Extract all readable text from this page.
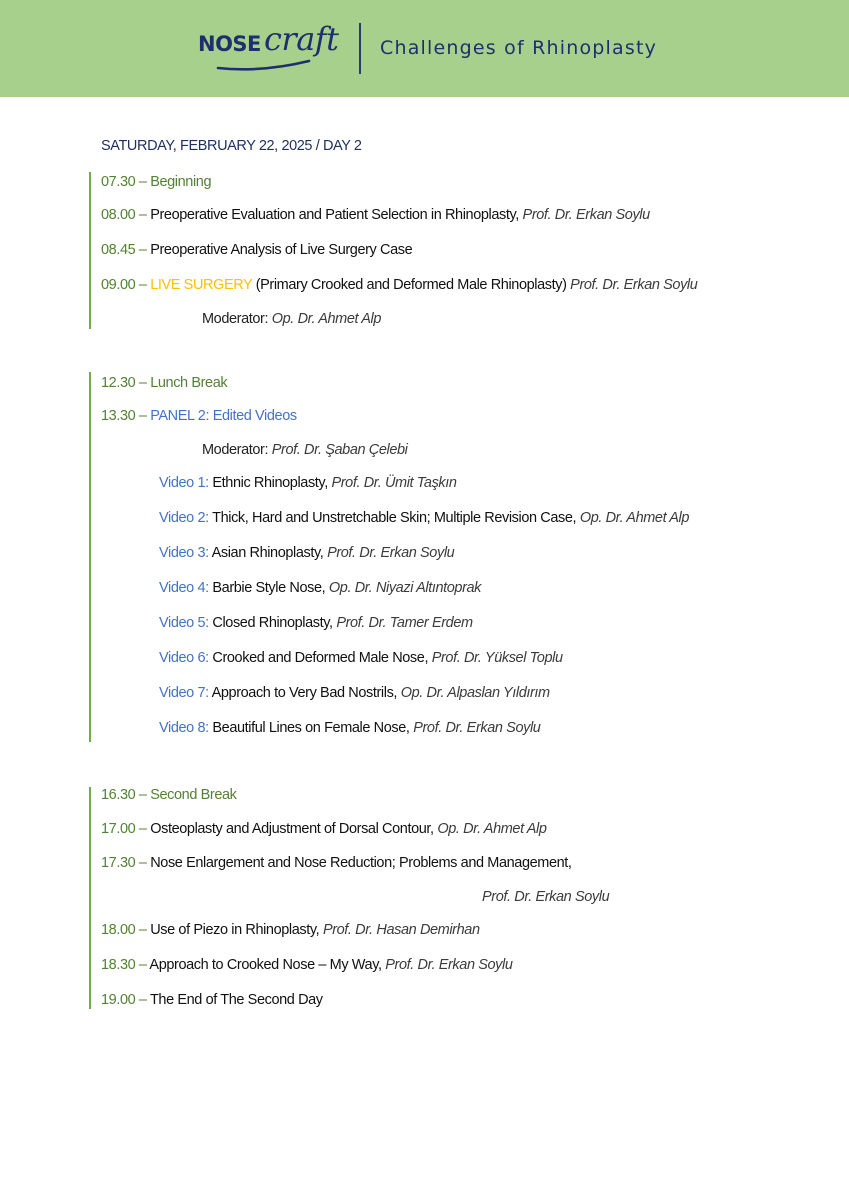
NOSE craft Challenges of Rhinoplasty
SATURDAY, FEBRUARY 22, 2025 / DAY 2
07.30 – Beginning
08.00 – Preoperative Evaluation and Patient Selection in Rhinoplasty, Prof. Dr. Erkan Soylu
08.45 – Preoperative Analysis of Live Surgery Case
09.00 – LIVE SURGERY (Primary Crooked and Deformed Male Rhinoplasty) Prof. Dr. Erkan Soylu
Moderator: Op. Dr. Ahmet Alp
12.30 – Lunch Break
13.30 – PANEL 2: Edited Videos
Moderator: Prof. Dr. Şaban Çelebi
Video 1: Ethnic Rhinoplasty, Prof. Dr. Ümit Taşkın
Video 2: Thick, Hard and Unstretchable Skin; Multiple Revision Case, Op. Dr. Ahmet Alp
Video 3: Asian Rhinoplasty, Prof. Dr. Erkan Soylu
Video 4: Barbie Style Nose, Op. Dr. Niyazi Altıntoprak
Video 5: Closed Rhinoplasty, Prof. Dr. Tamer Erdem
Video 6: Crooked and Deformed Male Nose, Prof. Dr. Yüksel Toplu
Video 7: Approach to Very Bad Nostrils, Op. Dr. Alpaslan Yıldırım
Video 8: Beautiful Lines on Female Nose, Prof. Dr. Erkan Soylu
16.30 – Second Break
17.00 – Osteoplasty and Adjustment of Dorsal Contour, Op. Dr. Ahmet Alp
17.30 – Nose Enlargement and Nose Reduction; Problems and Management,
Prof. Dr. Erkan Soylu
18.00 – Use of Piezo in Rhinoplasty, Prof. Dr. Hasan Demirhan
18.30 – Approach to Crooked Nose – My Way, Prof. Dr. Erkan Soylu
19.00 – The End of The Second Day
